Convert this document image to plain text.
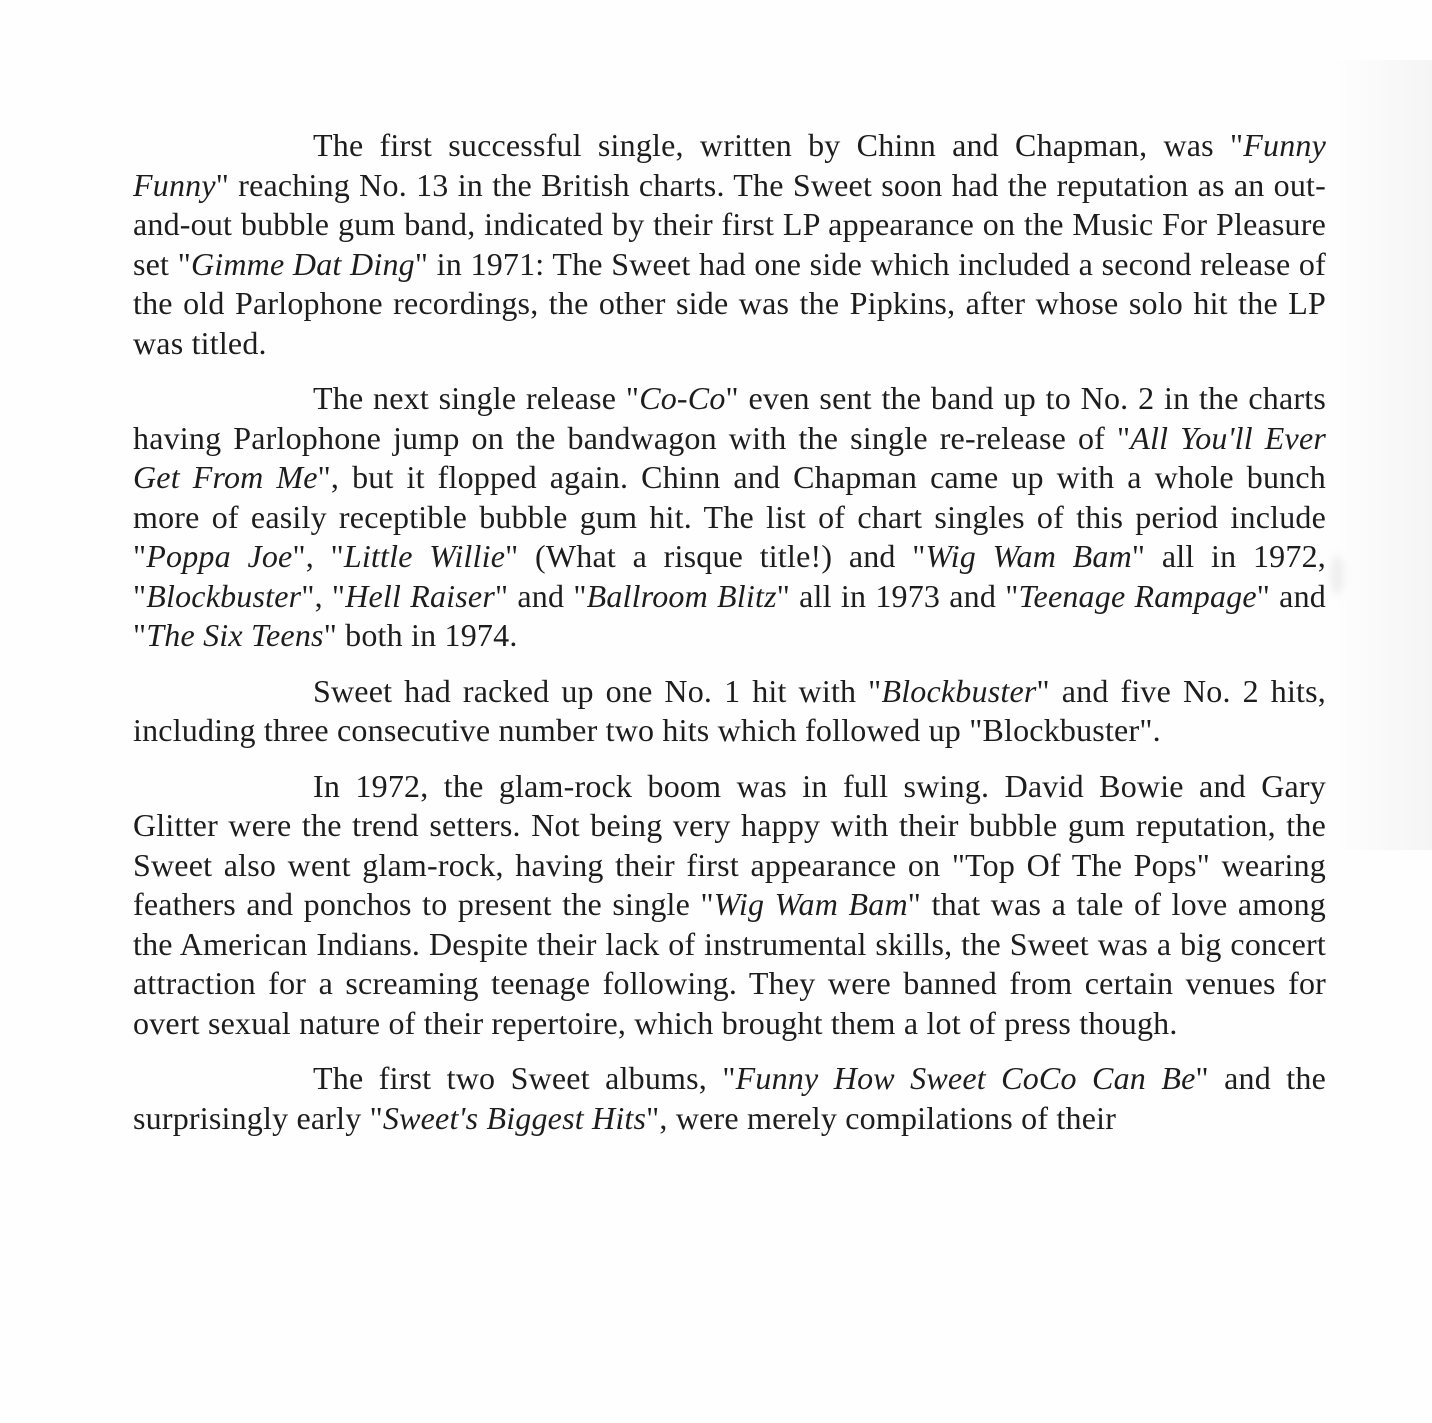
The first successful single, written by Chinn and Chapman, was "Funny Funny" reaching No. 13 in the British charts. The Sweet soon had the reputation as an out-and-out bubble gum band, indicated by their first LP appearance on the Music For Pleasure set "Gimme Dat Ding" in 1971: The Sweet had one side which included a second release of the old Parlophone recordings, the other side was the Pipkins, after whose solo hit the LP was titled.

The next single release "Co-Co" even sent the band up to No. 2 in the charts having Parlophone jump on the bandwagon with the single re-release of "All You'll Ever Get From Me", but it flopped again. Chinn and Chapman came up with a whole bunch more of easily receptible bubble gum hit. The list of chart singles of this period include "Poppa Joe", "Little Willie" (What a risque title!) and "Wig Wam Bam" all in 1972, "Blockbuster", "Hell Raiser" and "Ballroom Blitz" all in 1973 and "Teenage Rampage" and "The Six Teens" both in 1974.

Sweet had racked up one No. 1 hit with "Blockbuster" and five No. 2 hits, including three consecutive number two hits which followed up "Blockbuster".

In 1972, the glam-rock boom was in full swing. David Bowie and Gary Glitter were the trend setters. Not being very happy with their bubble gum reputation, the Sweet also went glam-rock, having their first appearance on "Top Of The Pops" wearing feathers and ponchos to present the single "Wig Wam Bam" that was a tale of love among the American Indians. Despite their lack of instrumental skills, the Sweet was a big concert attraction for a screaming teenage following. They were banned from certain venues for overt sexual nature of their repertoire, which brought them a lot of press though.

The first two Sweet albums, "Funny How Sweet CoCo Can Be" and the surprisingly early "Sweet's Biggest Hits", were merely compilations of their
